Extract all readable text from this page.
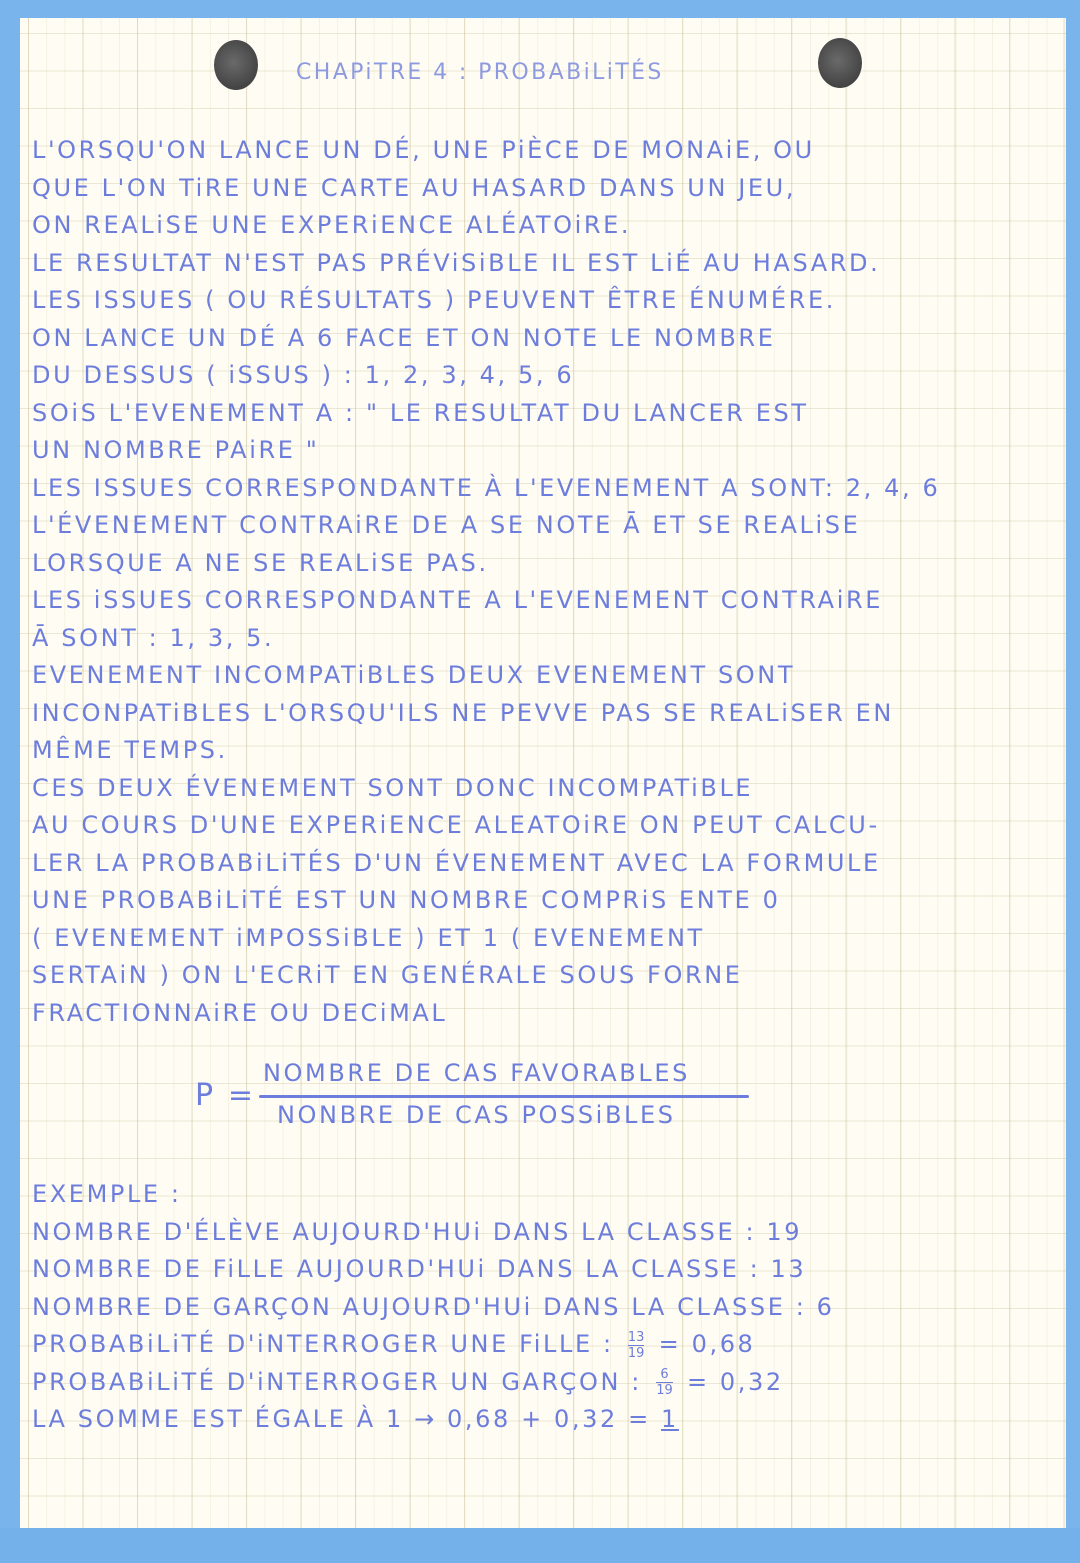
CHAPiTRE 4 : PROBABiLiTÉS
L'ORSQU'ON LANCE UN DÉ, UNE PiÈCE DE MONAiE, OU
QUE L'ON TiRE UNE CARTE AU HASARD DANS UN JEU,
ON REALiSE UNE EXPERiENCE ALÉATOiRE.
LE RESULTAT N'EST PAS PRÉViSiBLE IL EST LiÉ AU HASARD.
LES ISSUES ( OU RÉSULTATS ) PEUVENT ÊTRE ÉNUMÉRE.
ON LANCE UN DÉ A 6 FACE ET ON NOTE LE NOMBRE
DU DESSUS ( iSSUS ) : 1, 2, 3, 4, 5, 6
SOiS L'EVENEMENT A : " LE RESULTAT DU LANCER EST
UN NOMBRE PAiRE "
LES ISSUES CORRESPONDANTE À L'EVENEMENT A SONT: 2, 4, 6
L'ÉVENEMENT CONTRAiRE DE A SE NOTE Ā ET SE REALiSE
LORSQUE A NE SE REALiSE PAS.
LES iSSUES CORRESPONDANTE A L'EVENEMENT CONTRAiRE
Ā SONT : 1, 3, 5.
EVENEMENT INCOMPATiBLES DEUX EVENEMENT SONT
INCONPATiBLES L'ORSQU'ILS NE PEVVE PAS SE REALiSER EN
MÊME TEMPS.
CES DEUX ÉVENEMENT SONT DONC INCOMPATiBLE
AU COURS D'UNE EXPERiENCE ALEATOiRE ON PEUT CALCU-
LER LA PROBABiLiTÉS D'UN ÉVENEMENT AVEC LA FORMULE
UNE PROBABiLiTÉ EST UN NOMBRE COMPRiS ENTE 0
( EVENEMENT iMPOSSiBLE ) ET 1 ( EVENEMENT
SERTAiN ) ON L'ECRiT EN GENÉRALE SOUS FORNE
FRACTIONNAiRE OU DECiMAL
P =
NOMBRE DE CAS FAVORABLES
NONBRE DE CAS POSSiBLES
EXEMPLE :
NOMBRE D'ÉLÈVE AUJOURD'HUi DANS LA CLASSE : 19
NOMBRE DE FiLLE AUJOURD'HUi DANS LA CLASSE : 13
NOMBRE DE GARÇON AUJOURD'HUi DANS LA CLASSE : 6
PROBABiLiTÉ D'iNTERROGER UNE FiLLE : $\frac{13}{19} = 0,68$
PROBABiLiTÉ D'iNTERROGER UN GARÇON : $\frac{6}{19} = 0,32$
LA SOMME EST ÉGALE À 1 → 0,68 + 0,32 = 1
